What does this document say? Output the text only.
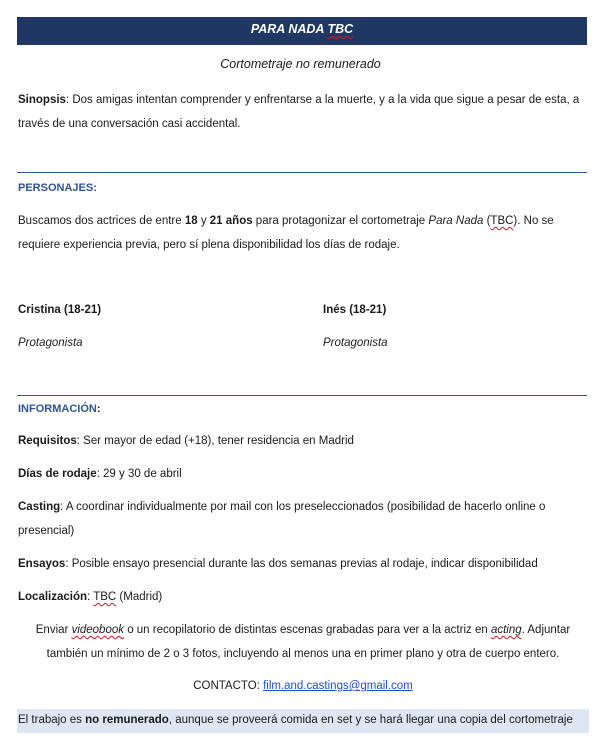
PARA NADA TBC
Cortometraje no remunerado
Sinopsis: Dos amigas intentan comprender y enfrentarse a la muerte, y a la vida que sigue a pesar de esta, a
través de una conversación casi accidental.
PERSONAJES:
Buscamos dos actrices de entre 18 y 21 años para protagonizar el cortometraje Para Nada (TBC). No se
requiere experiencia previa, pero sí plena disponibilidad los días de rodaje.
Cristina (18-21)
Protagonista
Inés (18-21)
Protagonista
INFORMACIÓN:
Requisitos: Ser mayor de edad (+18), tener residencia en Madrid
Días de rodaje: 29 y 30 de abril
Casting: A coordinar individualmente por mail con los preseleccionados (posibilidad de hacerlo online o
presencial)
Ensayos: Posible ensayo presencial durante las dos semanas previas al rodaje, indicar disponibilidad
Localización: TBC (Madrid)
Enviar videobook o un recopilatorio de distintas escenas grabadas para ver a la actriz en acting. Adjuntar
también un mínimo de 2 o 3 fotos, incluyendo al menos una en primer plano y otra de cuerpo entero.
CONTACTO: film.and.castings@gmail.com
El trabajo es no remunerado, aunque se proveerá comida en set y se hará llegar una copia del cortometraje
